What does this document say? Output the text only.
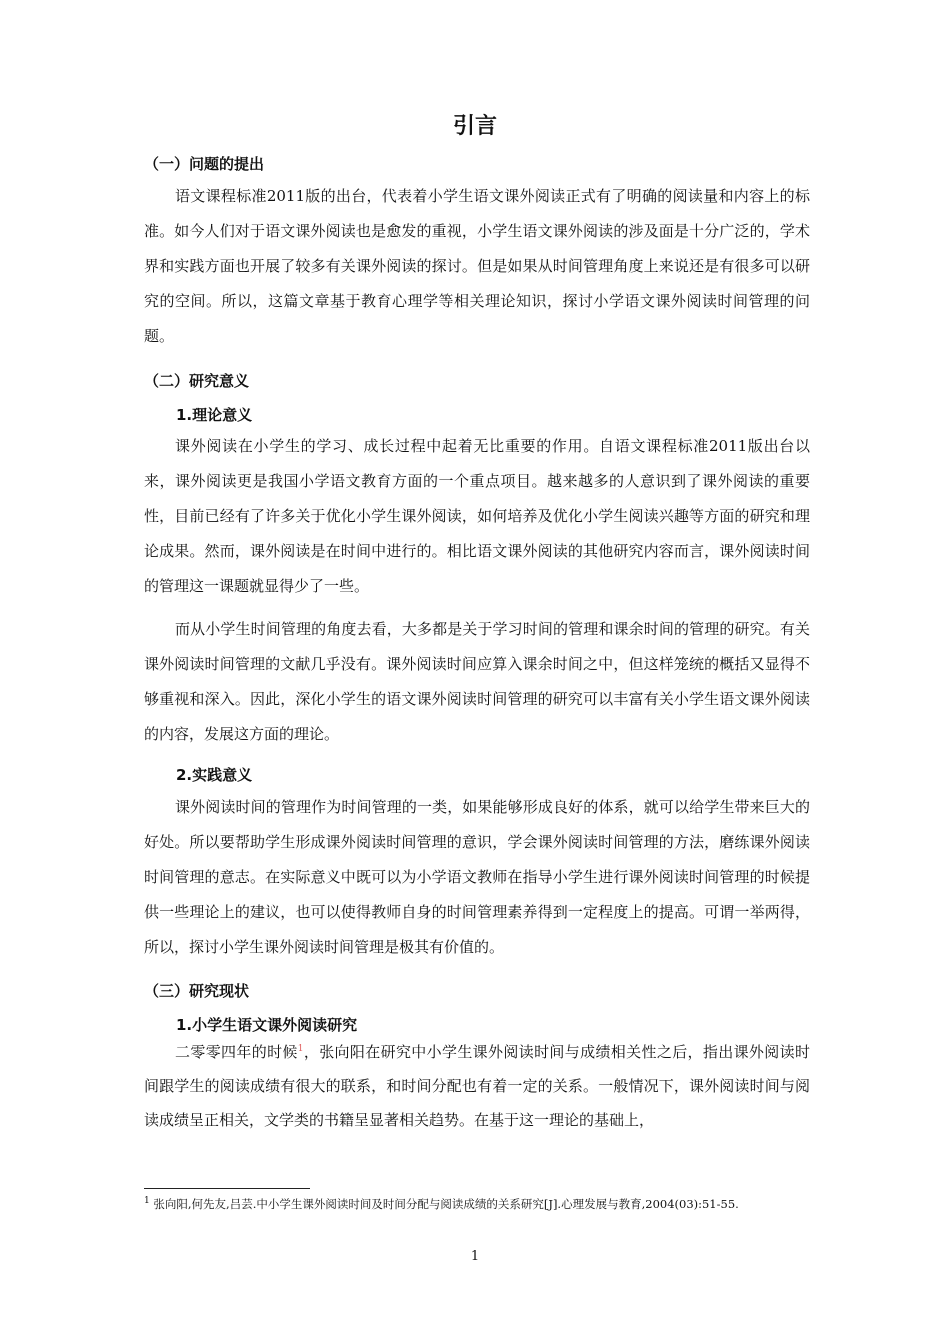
引言
（一）问题的提出

语文课程标准2011版的出台，代表着小学生语文课外阅读正式有了明确的阅读量和内容上的标准。如今人们对于语文课外阅读也是愈发的重视，小学生语文课外阅读的涉及面是十分广泛的，学术界和实践方面也开展了较多有关课外阅读的探讨。但是如果从时间管理角度上来说还是有很多可以研究的空间。所以，这篇文章基于教育心理学等相关理论知识，探讨小学语文课外阅读时间管理的问题。

（二）研究意义
1.理论意义

课外阅读在小学生的学习、成长过程中起着无比重要的作用。自语文课程标准2011版出台以来，课外阅读更是我国小学语文教育方面的一个重点项目。越来越多的人意识到了课外阅读的重要性，目前已经有了许多关于优化小学生课外阅读，如何培养及优化小学生阅读兴趣等方面的研究和理论成果。然而，课外阅读是在时间中进行的。相比语文课外阅读的其他研究内容而言，课外阅读时间的管理这一课题就显得少了一些。

而从小学生时间管理的角度去看，大多都是关于学习时间的管理和课余时间的管理的研究。有关课外阅读时间管理的文献几乎没有。课外阅读时间应算入课余时间之中，但这样笼统的概括又显得不够重视和深入。因此，深化小学生的语文课外阅读时间管理的研究可以丰富有关小学生语文课外阅读的内容，发展这方面的理论。

2.实践意义

课外阅读时间的管理作为时间管理的一类，如果能够形成良好的体系，就可以给学生带来巨大的好处。所以要帮助学生形成课外阅读时间管理的意识，学会课外阅读时间管理的方法，磨练课外阅读时间管理的意志。在实际意义中既可以为小学语文教师在指导小学生进行课外阅读时间管理的时候提供一些理论上的建议，也可以使得教师自身的时间管理素养得到一定程度上的提高。可谓一举两得，所以，探讨小学生课外阅读时间管理是极其有价值的。

（三）研究现状
1.小学生语文课外阅读研究

二零零四年的时候$^1$，张向阳在研究中小学生课外阅读时间与成绩相关性之后，指出课外阅读时间跟学生的阅读成绩有很大的联系，和时间分配也有着一定的关系。一般情况下，课外阅读时间与阅读成绩呈正相关，文学类的书籍呈显著相关趋势。在基于这一理论的基础上，

$^1$ 张向阳,何先友,吕芸.中小学生课外阅读时间及时间分配与阅读成绩的关系研究[J].心理发展与教育,2004(03):51-55.

1
